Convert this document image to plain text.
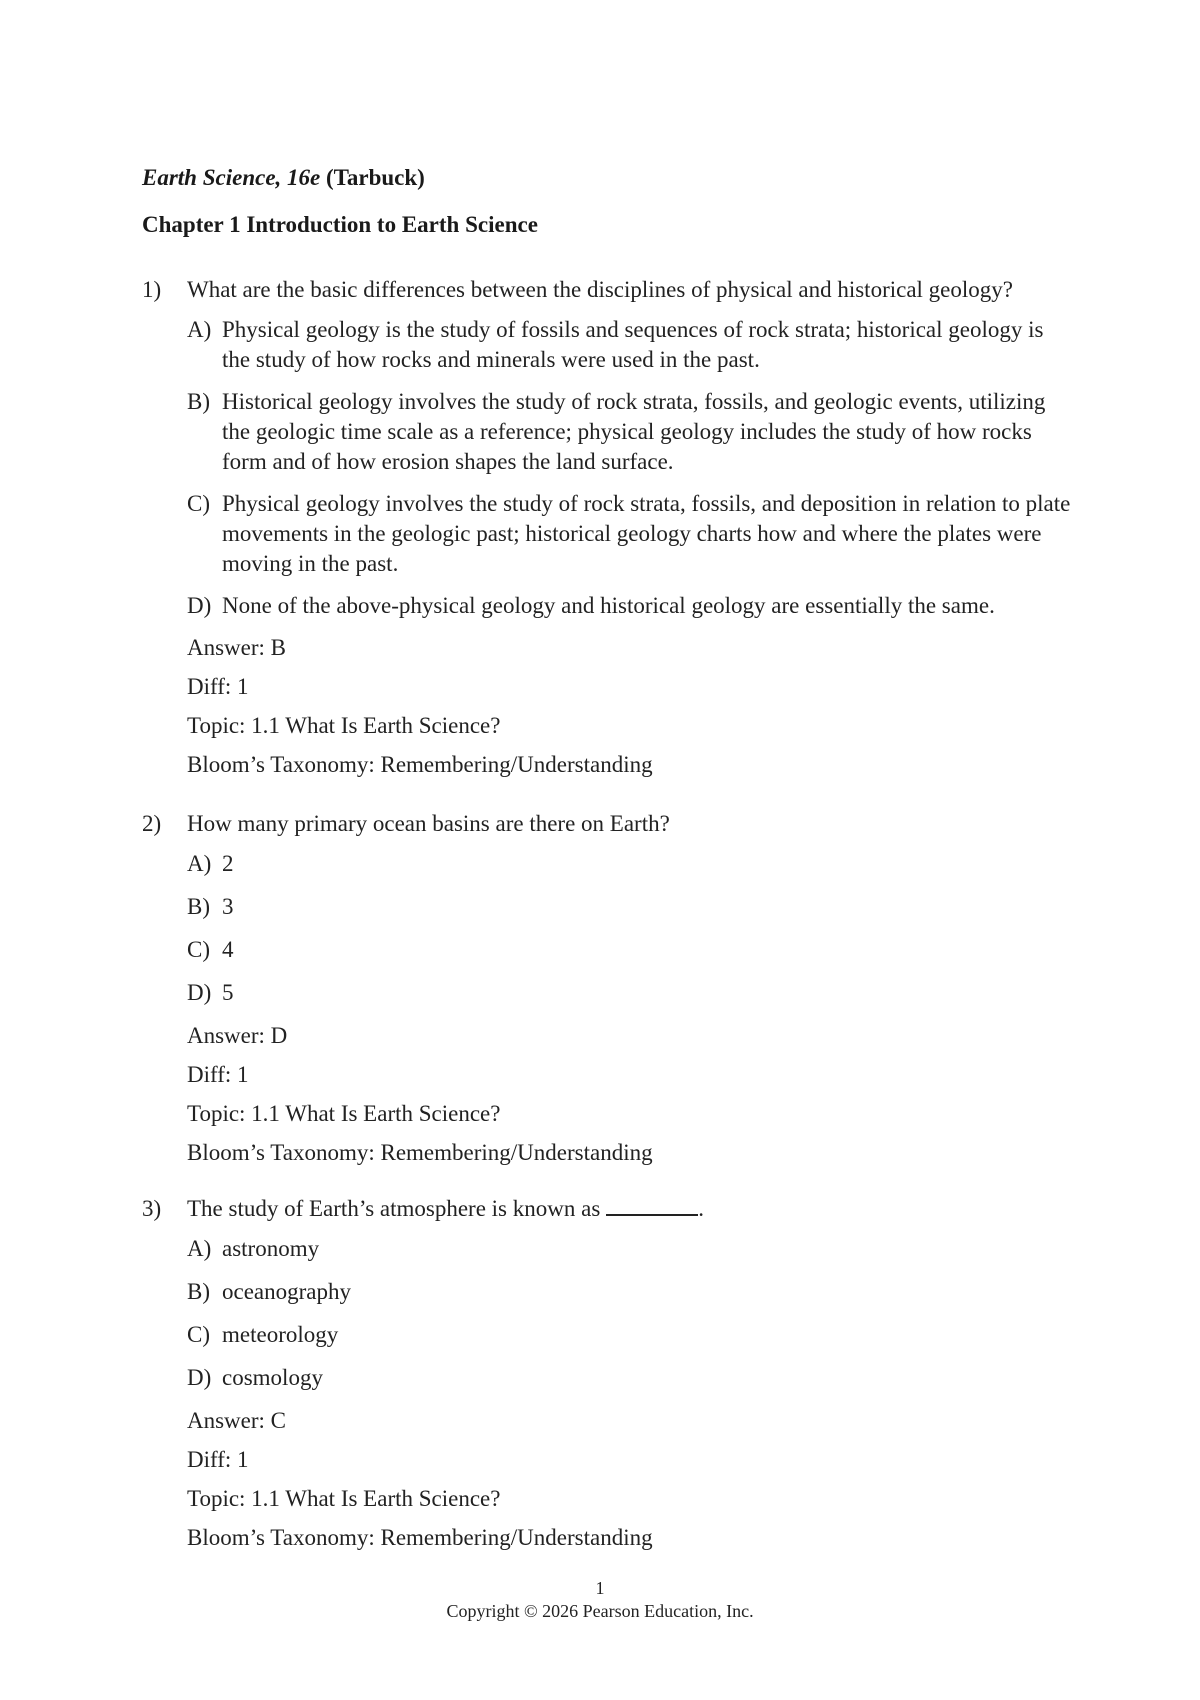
Earth Science, 16e (Tarbuck)
Chapter 1 Introduction to Earth Science
1)	What are the basic differences between the disciplines of physical and historical geology?
A) Physical geology is the study of fossils and sequences of rock strata; historical geology is the study of how rocks and minerals were used in the past.
B) Historical geology involves the study of rock strata, fossils, and geologic events, utilizing the geologic time scale as a reference; physical geology includes the study of how rocks form and of how erosion shapes the land surface.
C) Physical geology involves the study of rock strata, fossils, and deposition in relation to plate movements in the geologic past; historical geology charts how and where the plates were moving in the past.
D) None of the above-physical geology and historical geology are essentially the same.
Answer: B
Diff: 1
Topic: 1.1 What Is Earth Science?
Bloom’s Taxonomy: Remembering/Understanding
2)	How many primary ocean basins are there on Earth?
A) 2
B) 3
C) 4
D) 5
Answer: D
Diff: 1
Topic: 1.1 What Is Earth Science?
Bloom’s Taxonomy: Remembering/Understanding
3)	The study of Earth’s atmosphere is known as	.
A) astronomy
B) oceanography
C) meteorology
D) cosmology
Answer: C
Diff: 1
Topic: 1.1 What Is Earth Science?
Bloom’s Taxonomy: Remembering/Understanding
1
Copyright © 2026 Pearson Education, Inc.
